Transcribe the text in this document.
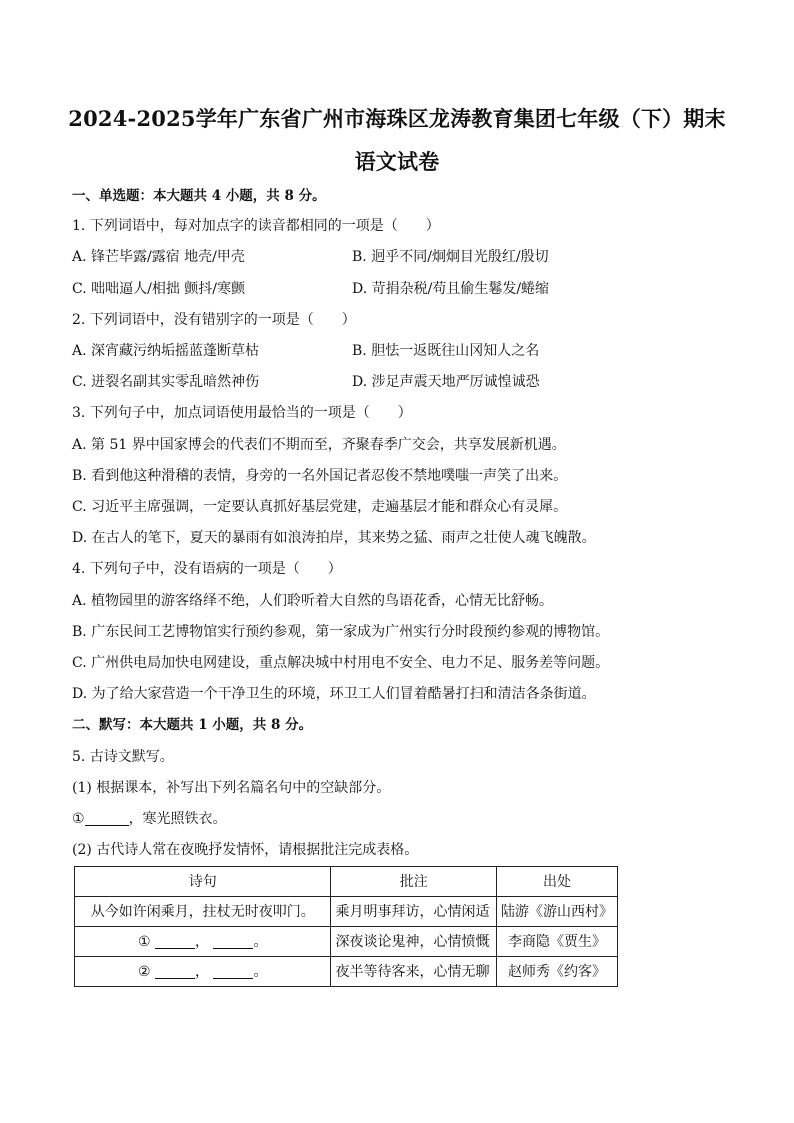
2024-2025学年广东省广州市海珠区龙涛教育集团七年级（下）期末
语文试卷
一、单选题：本大题共 4 小题，共 8 分。
1. 下列词语中，每对加点字的读音都相同的一项是（　　）
A. 锋芒毕露/露宿 地壳/甲壳	B. 迥乎不同/炯炯目光殷红/殷切
C. 咄咄逼人/相拙 颤抖/寒颤	D. 苛捐杂税/苟且偷生鬈发/蜷缩
2. 下列词语中，没有错别字的一项是（　　）
A. 深宵藏污纳垢摇蓝蓬断草枯	B. 胆怯一返既往山冈知人之名
C. 迸裂名副其实零乱暗然神伤	D. 涉足声震天地严厉诚惶诚恐
3. 下列句子中，加点词语使用最恰当的一项是（　　）
A. 第 51 界中国家博会的代表们不期而至，齐聚春季广交会，共享发展新机遇。
B. 看到他这种滑稽的表情，身旁的一名外国记者忍俊不禁地噗嗤一声笑了出来。
C. 习近平主席强调，一定要认真抓好基层党建，走遍基层才能和群众心有灵犀。
D. 在古人的笔下，夏天的暴雨有如浪涛拍岸，其来势之猛、雨声之壮使人魂飞魄散。
4. 下列句子中，没有语病的一项是（　　）
A. 植物园里的游客络绎不绝，人们聆听着大自然的鸟语花香，心情无比舒畅。
B. 广东民间工艺博物馆实行预约参观，第一家成为广州实行分时段预约参观的博物馆。
C. 广州供电局加快电网建设，重点解决城中村用电不安全、电力不足、服务差等问题。
D. 为了给大家营造一个干净卫生的环境，环卫工人们冒着酷暑打扫和清洁各条街道。
二、默写：本大题共 1 小题，共 8 分。
5. 古诗文默写。
(1) 根据课本，补写出下列名篇名句中的空缺部分。
①	，寒光照铁衣。
(2) 古代诗人常在夜晚抒发情怀，请根据批注完成表格。
诗句	批注	出处
从今如许闲乘月，拄杖无时夜叩门。	乘月明事拜访，心情闲适	陆游《游山西村》
① ， 。	深夜谈论鬼神，心情愤慨	李商隐《贾生》
② ， 。	夜半等待客来，心情无聊	赵师秀《约客》
